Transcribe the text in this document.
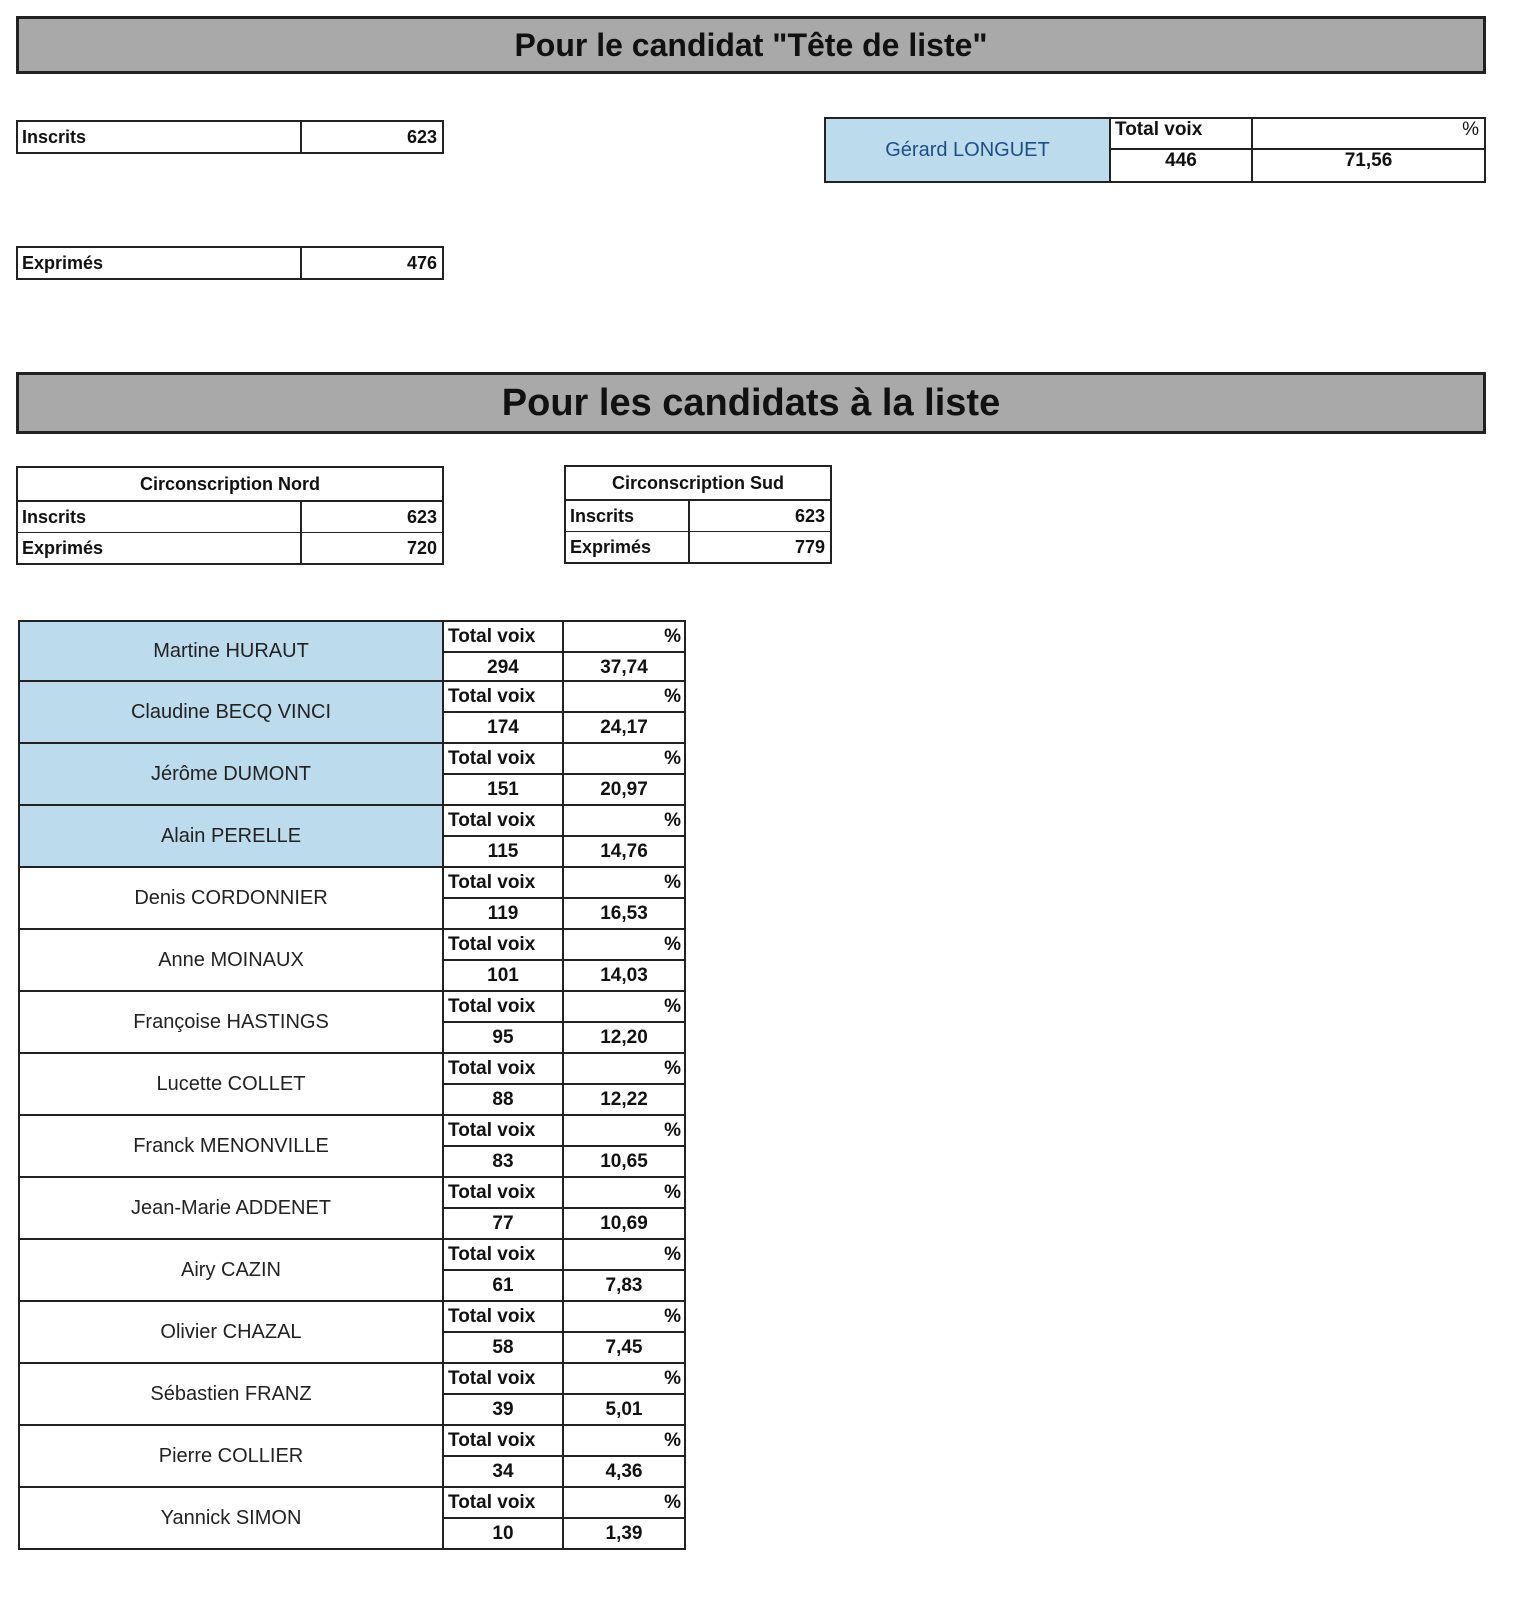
Pour le candidat "Tête de liste"
Inscrits	623
Exprimés	476
Gérard LONGUET
Total voix	%
446	71,56
Pour les candidats à la liste
Circonscription Nord
Inscrits	623
Exprimés	720
Circonscription Sud
Inscrits	623
Exprimés	779
Martine HURAUT
Total voix	%
294	37,74
Claudine BECQ VINCI
Total voix	%
174	24,17
Jérôme DUMONT
Total voix	%
151	20,97
Alain PERELLE
Total voix	%
115	14,76
Denis CORDONNIER
Total voix	%
119	16,53
Anne MOINAUX
Total voix	%
101	14,03
Françoise HASTINGS
Total voix	%
95	12,20
Lucette COLLET
Total voix	%
88	12,22
Franck MENONVILLE
Total voix	%
83	10,65
Jean-Marie ADDENET
Total voix	%
77	10,69
Airy CAZIN
Total voix	%
61	7,83
Olivier CHAZAL
Total voix	%
58	7,45
Sébastien FRANZ
Total voix	%
39	5,01
Pierre COLLIER
Total voix	%
34	4,36
Yannick SIMON
Total voix	%
10	1,39
